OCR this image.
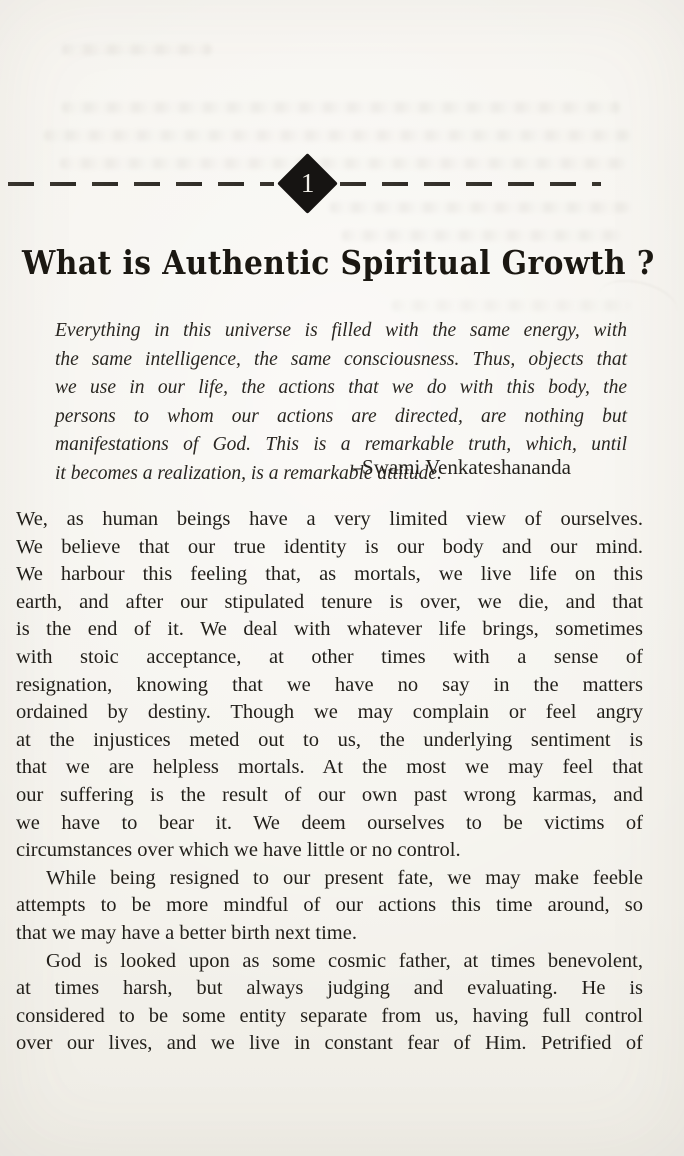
1
What is Authentic Spiritual Growth ?
Everything in this universe is filled with the same energy, with
the same intelligence, the same consciousness. Thus, objects that
we use in our life, the actions that we do with this body, the
persons to whom our actions are directed, are nothing but
manifestations of God. This is a remarkable truth, which, until
it becomes a realization, is a remarkable attitude.
–Swami Venkateshananda
We, as human beings have a very limited view of ourselves.
We believe that our true identity is our body and our mind.
We harbour this feeling that, as mortals, we live life on this
earth, and after our stipulated tenure is over, we die, and that
is the end of it. We deal with whatever life brings, sometimes
with stoic acceptance, at other times with a sense of
resignation, knowing that we have no say in the matters
ordained by destiny. Though we may complain or feel angry
at the injustices meted out to us, the underlying sentiment is
that we are helpless mortals. At the most we may feel that
our suffering is the result of our own past wrong karmas, and
we have to bear it. We deem ourselves to be victims of
circumstances over which we have little or no control.
While being resigned to our present fate, we may make feeble
attempts to be more mindful of our actions this time around, so
that we may have a better birth next time.
God is looked upon as some cosmic father, at times benevolent,
at times harsh, but always judging and evaluating. He is
considered to be some entity separate from us, having full control
over our lives, and we live in constant fear of Him. Petrified of
